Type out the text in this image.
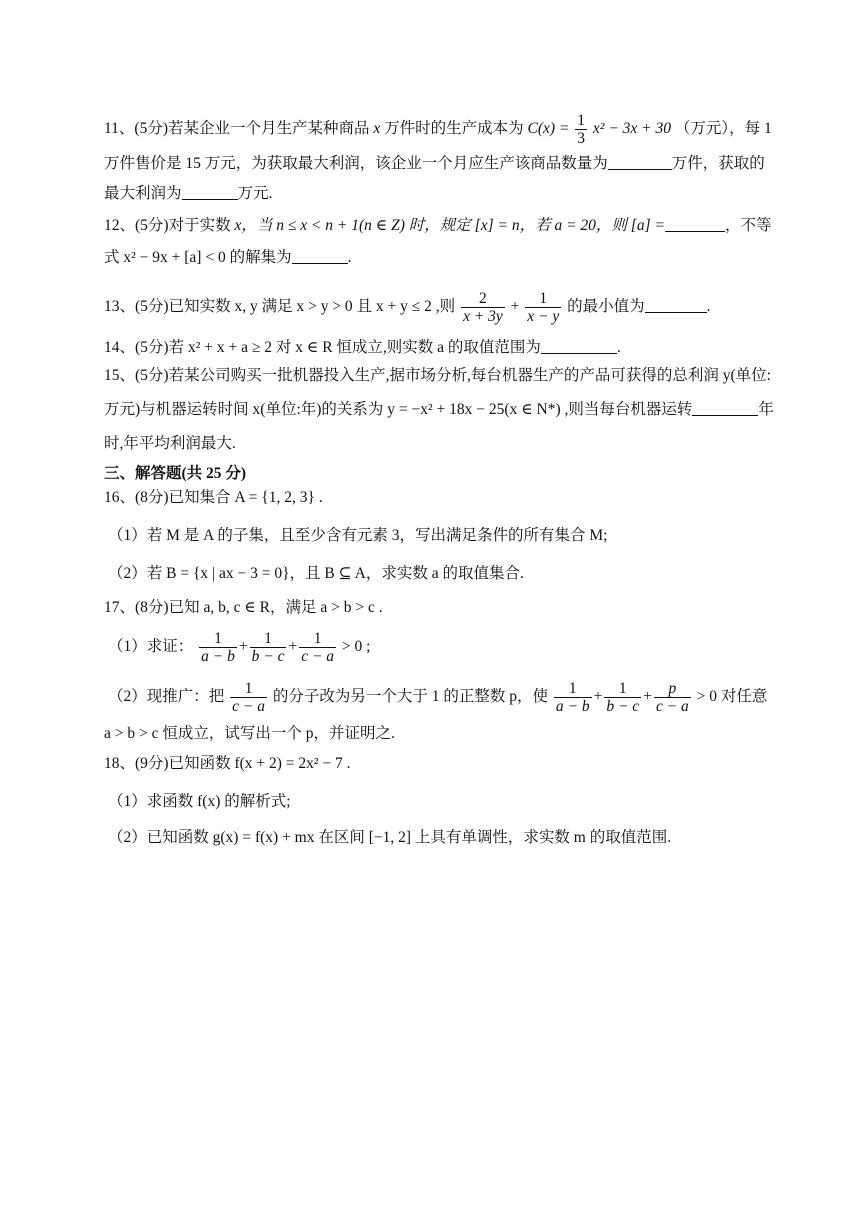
11、(5分)若某企业一个月生产某种商品 x 万件时的生产成本为 $C(x) = \frac{1}{3} x^2 - 3x + 30$ （万元），每 1
万件售价是 15 万元，为获取最大利润，该企业一个月应生产该商品数量为	万件，获取的
最大利润为	万元.
12、(5分)对于实数 x，当 n ≤ x < n + 1(n ∈ Z) 时，规定 [x] = n，若 a = 20，则 [a] =	，不等
式 x² − 9x + [a] < 0 的解集为	.
13、(5分)已知实数 x, y 满足 x > y > 0 且 x + y ≤ 2 ,则 $\frac{2}{x + 3y} + \frac{1}{x - y}$ 的最小值为	.
14、(5分)若 x² + x + a ≥ 2 对 x ∈ R 恒成立,则实数 a 的取值范围为	.
15、(5分)若某公司购买一批机器投入生产,据市场分析,每台机器生产的产品可获得的总利润 y(单位:
万元)与机器运转时间 x(单位:年)的关系为 y = −x² + 18x − 25(x ∈ N*) ,则当每台机器运转	年
时,年平均利润最大.
三、解答题(共 25 分)
16、(8分)已知集合 A = {1, 2, 3} .
（1）若 M 是 A 的子集，且至少含有元素 3，写出满足条件的所有集合 M;
（2）若 B = {x | ax − 3 = 0}，且 B ⊆ A，求实数 a 的取值集合.
17、(8分)已知 a, b, c ∈ R，满足 a > b > c .
（1）求证： $\frac{1}{a - b} + \frac{1}{b - c} + \frac{1}{c - a} > 0$ ;
（2）现推广：把 $\frac{1}{c - a}$ 的分子改为另一个大于 1 的正整数 p，使 $\frac{1}{a - b} + \frac{1}{b - c} + \frac{p}{c - a} > 0$ 对任意
a > b > c 恒成立，试写出一个 p，并证明之.
18、(9分)已知函数 f(x + 2) = 2x² − 7 .
（1）求函数 f(x) 的解析式;
（2）已知函数 g(x) = f(x) + mx 在区间 [−1, 2] 上具有单调性，求实数 m 的取值范围.
